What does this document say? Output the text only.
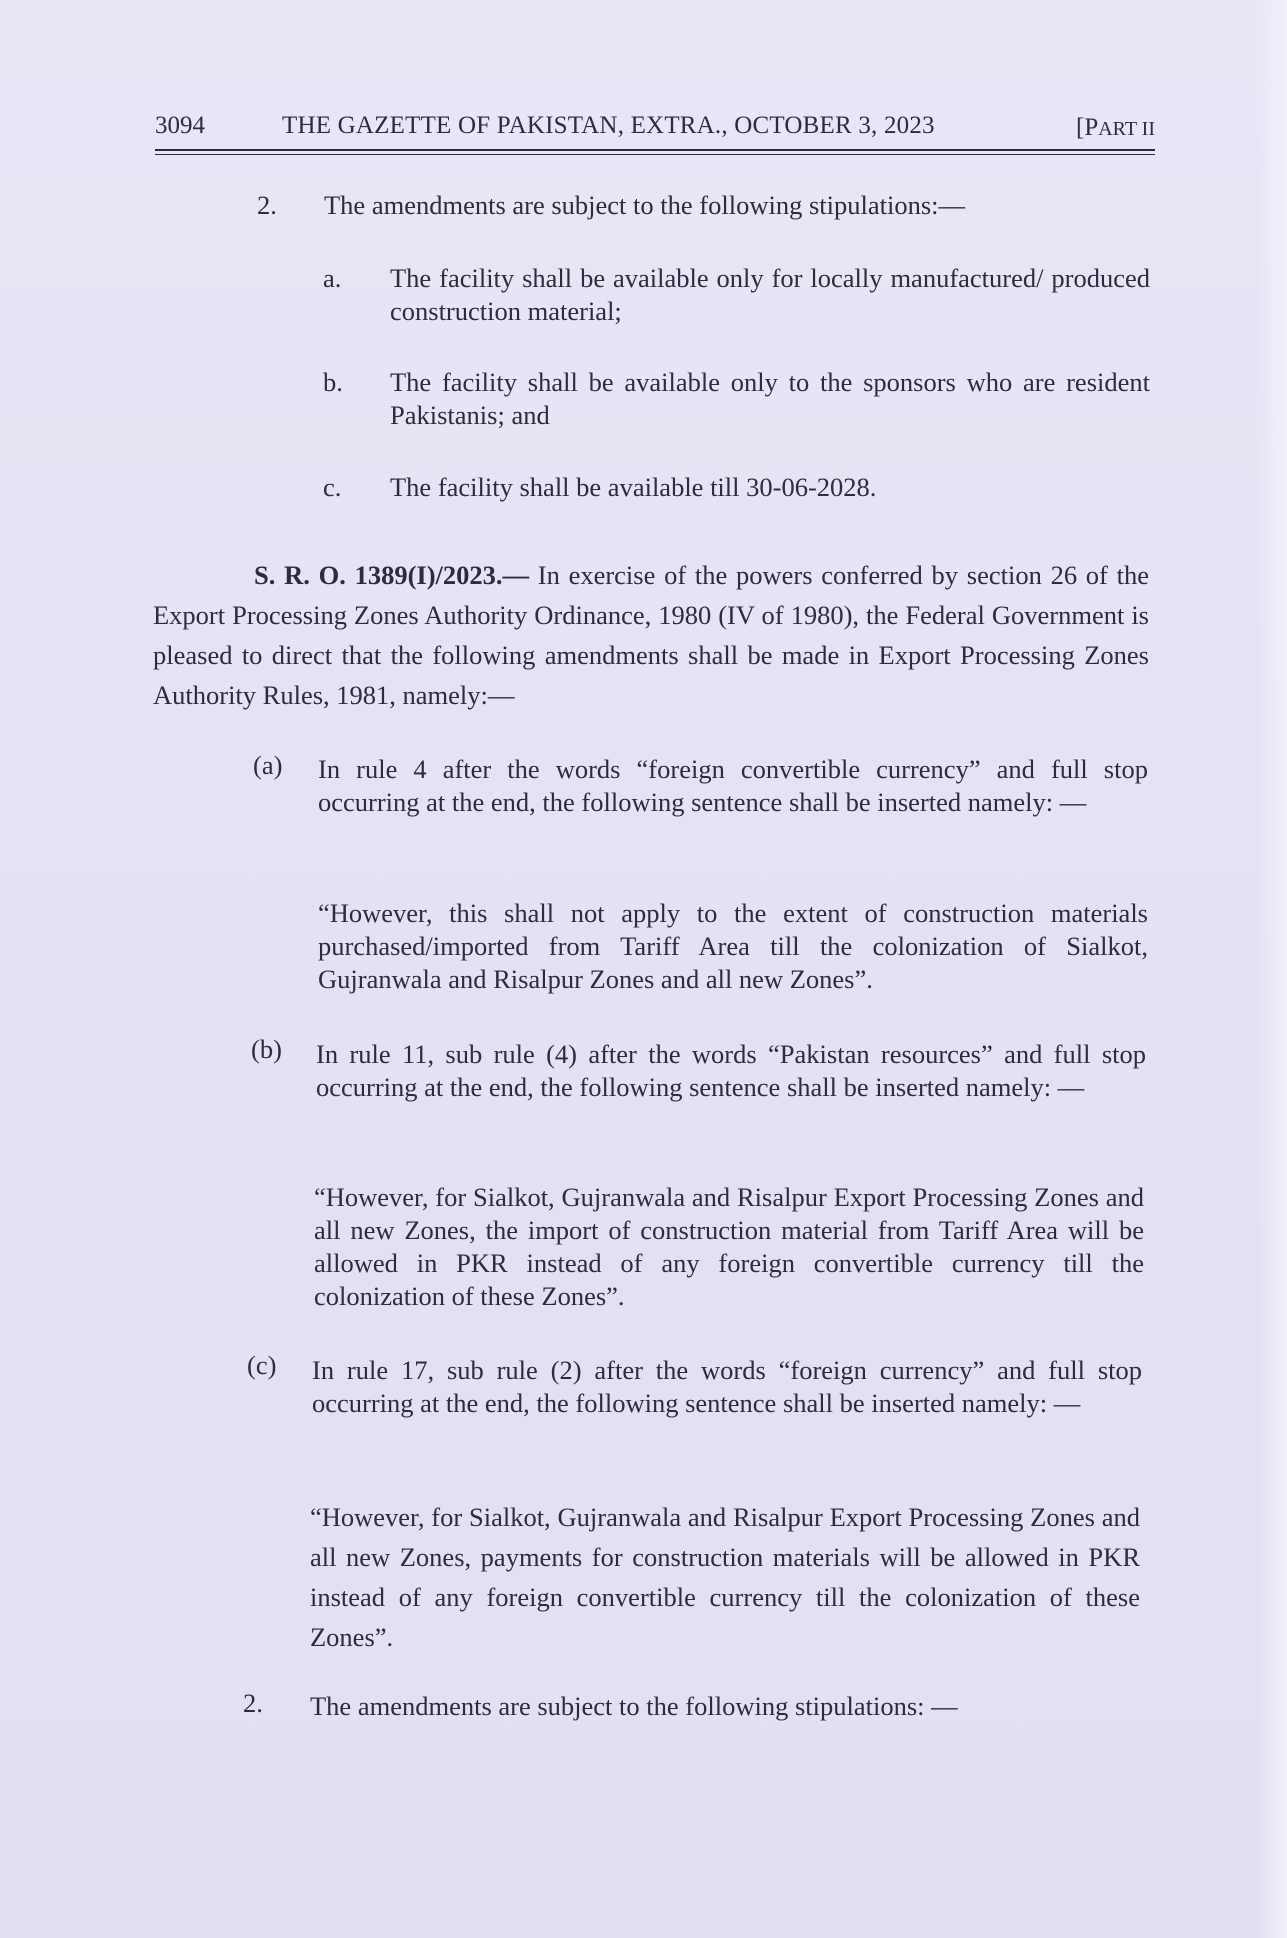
3094	THE GAZETTE OF PAKISTAN, EXTRA., OCTOBER 3, 2023	[PART II
2. The amendments are subject to the following stipulations:—
a. The facility shall be available only for locally manufactured/ produced construction material;
b. The facility shall be available only to the sponsors who are resident Pakistanis; and
c. The facility shall be available till 30-06-2028.
S. R. O. 1389(I)/2023.— In exercise of the powers conferred by section 26 of the Export Processing Zones Authority Ordinance, 1980 (IV of 1980), the Federal Government is pleased to direct that the following amendments shall be made in Export Processing Zones Authority Rules, 1981, namely:—
(a) In rule 4 after the words “foreign convertible currency” and full stop occurring at the end, the following sentence shall be inserted namely: —
“However, this shall not apply to the extent of construction materials purchased/imported from Tariff Area till the colonization of Sialkot, Gujranwala and Risalpur Zones and all new Zones”.
(b) In rule 11, sub rule (4) after the words “Pakistan resources” and full stop occurring at the end, the following sentence shall be inserted namely: —
“However, for Sialkot, Gujranwala and Risalpur Export Processing Zones and all new Zones, the import of construction material from Tariff Area will be allowed in PKR instead of any foreign convertible currency till the colonization of these Zones”.
(c) In rule 17, sub rule (2) after the words “foreign currency” and full stop occurring at the end, the following sentence shall be inserted namely: —
“However, for Sialkot, Gujranwala and Risalpur Export Processing Zones and all new Zones, payments for construction materials will be allowed in PKR instead of any foreign convertible currency till the colonization of these Zones”.
2. The amendments are subject to the following stipulations: —
